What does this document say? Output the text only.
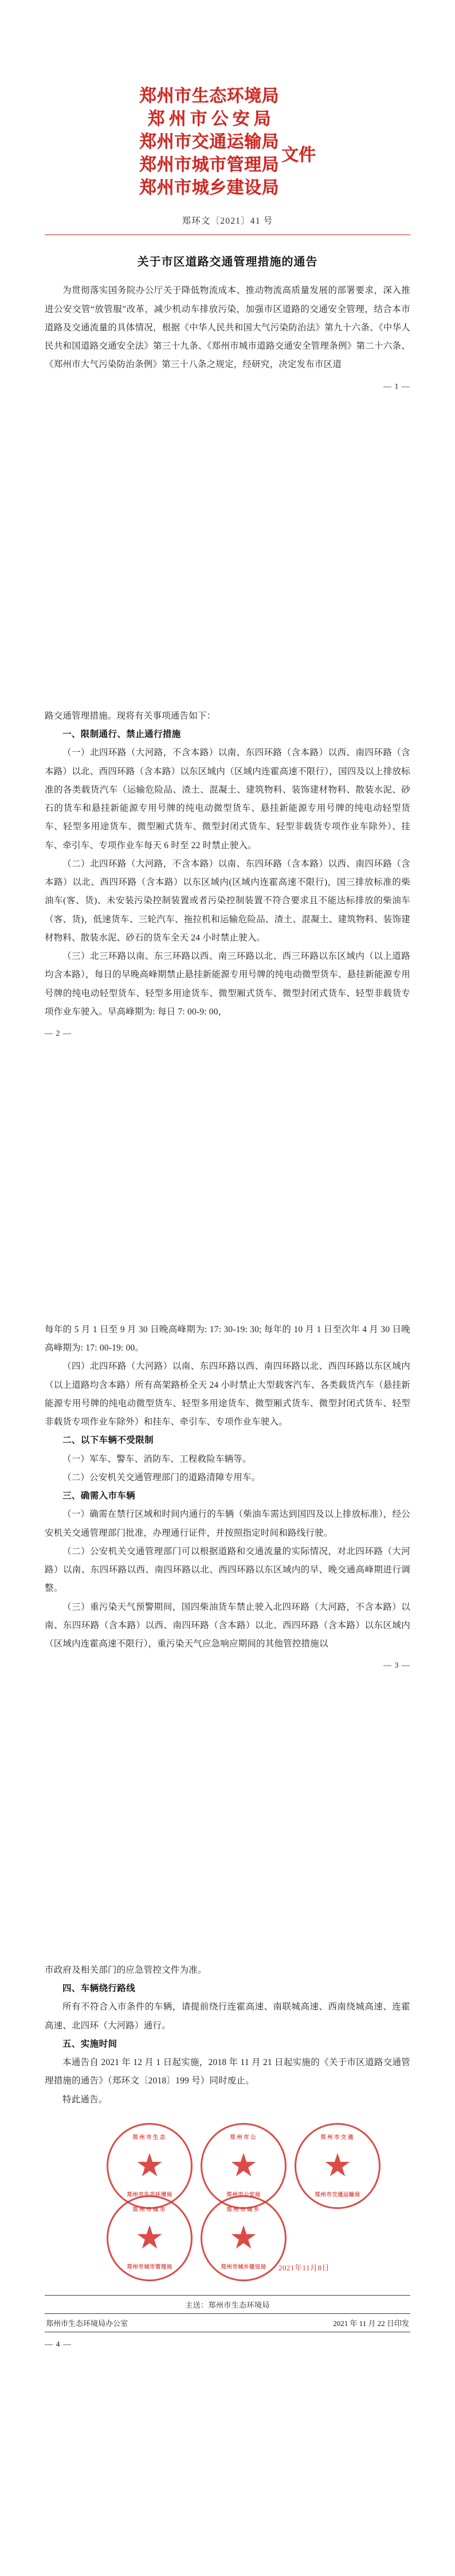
郑州市生态环境局
郑州市公安局
郑州市交通运输局
郑州市城市管理局
郑州市城乡建设局
文件
郑环文〔2021〕41 号
关于市区道路交通管理措施的通告

为贯彻落实国务院办公厅关于降低物流成本、推动物流高质量发展的部署要求，深入推进公安交管“放管服”改革，减少机动车排放污染，加强市区道路的交通安全管理，结合本市道路及交通流量的具体情况，根据《中华人民共和国大气污染防治法》第九十六条、《中华人民共和国道路交通安全法》第三十九条、《郑州市城市道路交通安全管理条例》第二十六条、《郑州市大气污染防治条例》第三十八条之规定，经研究，决定发布市区道

— 1 —

路交通管理措施。现将有关事项通告如下：

一、限制通行、禁止通行措施

（一）北四环路（大河路，不含本路）以南、东四环路（含本路）以西、南四环路（含本路）以北、西四环路（含本路）以东区域内（区域内连霍高速不限行），国四及以上排放标准的各类载货汽车（运输危险品、渣土、混凝土、建筑物料、装饰建材物料、散装水泥、砂石的货车和悬挂新能源专用号牌的纯电动微型货车、悬挂新能源专用号牌的纯电动轻型货车、轻型多用途货车、微型厢式货车、微型封闭式货车、轻型非载货专项作业车除外）、挂车、牵引车、专项作业车每天 6 时至 22 时禁止驶入。

（二）北四环路（大河路，不含本路）以南、东四环路（含本路）以西、南四环路（含本路）以北、西四环路（含本路）以东区域内(区域内连霍高速不限行)，国三排放标准的柴油车(客、货)、未安装污染控制装置或者污染控制装置不符合要求且不能达标排放的柴油车（客、货)，低速货车、三轮汽车、拖拉机和运输危险品、渣土、混凝土、建筑物料、装饰建材物料、散装水泥、砂石的货车全天 24 小时禁止驶入。

（三）北三环路以南、东三环路以西、南三环路以北、西三环路以东区域内（以上道路均含本路），每日的早晚高峰期禁止悬挂新能源专用号牌的纯电动微型货车、悬挂新能源专用号牌的纯电动轻型货车、轻型多用途货车、微型厢式货车、微型封闭式货车、轻型非载货专项作业车驶入。早高峰期为: 每日 7: 00-9: 00，

— 2 —

每年的 5 月 1 日至 9 月 30 日晚高峰期为: 17: 30-19: 30; 每年的 10 月 1 日至次年 4 月 30 日晚高峰期为: 17: 00-19: 00。

（四）北四环路（大河路）以南、东四环路以西、南四环路以北、西四环路以东区域内（以上道路均含本路）所有高架路桥全天 24 小时禁止大型载客汽车、各类载货汽车（悬挂新能源专用号牌的纯电动微型货车、轻型多用途货车、微型厢式货车、微型封闭式货车、轻型非载货专项作业车除外）和挂车、牵引车、专项作业车驶入。

二、以下车辆不受限制

（一）军车、警车、消防车、工程救险车辆等。

（二）公安机关交通管理部门的道路清障专用车。

三、确需入市车辆

（一）确需在禁行区域和时间内通行的车辆（柴油车需达到国四及以上排放标准），经公安机关交通管理部门批准，办理通行证件，并按照指定时间和路线行驶。

（二）公安机关交通管理部门可以根据道路和交通流量的实际情况，对北四环路（大河路）以南、东四环路以西、南四环路以北、西四环路以东区域内的早、晚交通高峰期进行调整。

（三）重污染天气预警期间，国四柴油货车禁止驶入北四环路（大河路，不含本路）以南、东四环路（含本路）以西、南四环路（含本路）以北、西四环路（含本路）以东区域内（区域内连霍高速不限行），重污染天气应急响应期间的其他管控措施以

— 3 —

市政府及相关部门的应急管控文件为准。

四、车辆绕行路线

所有不符合入市条件的车辆，请提前绕行连霍高速、南联城高速、西南绕城高速、连霍高速、北四环（大河路）通行。

五、实施时间

本通告自 2021 年 12 月 1 日起实施，2018 年 11 月 21 日起实施的《关于市区道路交通管理措施的通告》（郑环文〔2018〕199 号）同时废止。

特此通告。

郑州市生态
★
郑州市生态环境局
郑州市公
★
郑州市公安局
郑州市交通
★
郑州市交通运输局
郑州市城市
★
郑州市城市管理局
郑州市城乡
★
郑州市城乡建设局	2021年11月8日
主送：郑州市生态环境局
郑州市生态环境局办公室	2021 年 11 月 22 日印发
— 4 —
